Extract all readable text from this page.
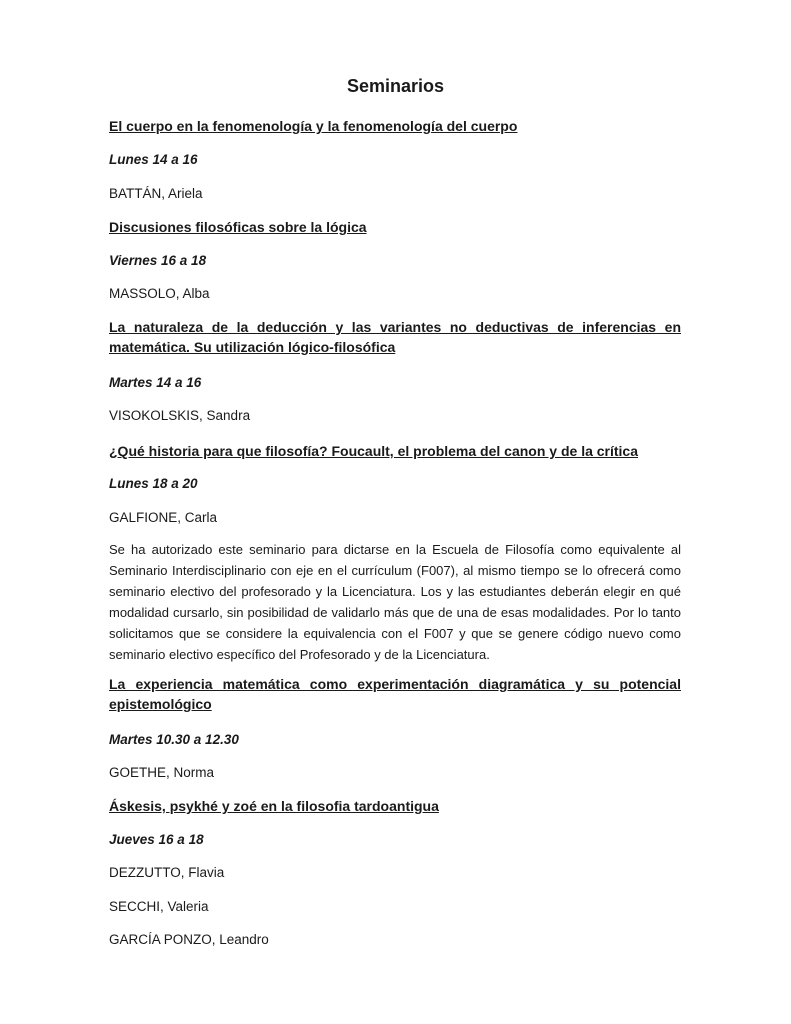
Seminarios

El cuerpo en la fenomenología y la fenomenología del cuerpo

Lunes 14 a 16

BATTÁN, Ariela

Discusiones filosóficas sobre la lógica

Viernes 16 a 18

MASSOLO, Alba

La naturaleza de la deducción y las variantes no deductivas de inferencias en matemática. Su utilización lógico-filosófica

Martes 14 a 16

VISOKOLSKIS, Sandra

¿Qué historia para que filosofía? Foucault, el problema del canon y de la crítica

Lunes 18 a 20

GALFIONE, Carla

Se ha autorizado este seminario para dictarse en la Escuela de Filosofía como equivalente al Seminario Interdisciplinario con eje en el currículum (F007), al mismo tiempo se lo ofrecerá como seminario electivo del profesorado y la Licenciatura. Los y las estudiantes deberán elegir en qué modalidad cursarlo, sin posibilidad de validarlo más que de una de esas modalidades. Por lo tanto solicitamos que se considere la equivalencia con el F007 y que se genere código nuevo como seminario electivo específico del Profesorado y de la Licenciatura.

La experiencia matemática como experimentación diagramática y su potencial epistemológico

Martes 10.30 a 12.30

GOETHE, Norma

Áskesis, psykhé y zoé en la filosofia tardoantigua

Jueves 16 a 18

DEZZUTTO, Flavia

SECCHI, Valeria

GARCÍA PONZO, Leandro
